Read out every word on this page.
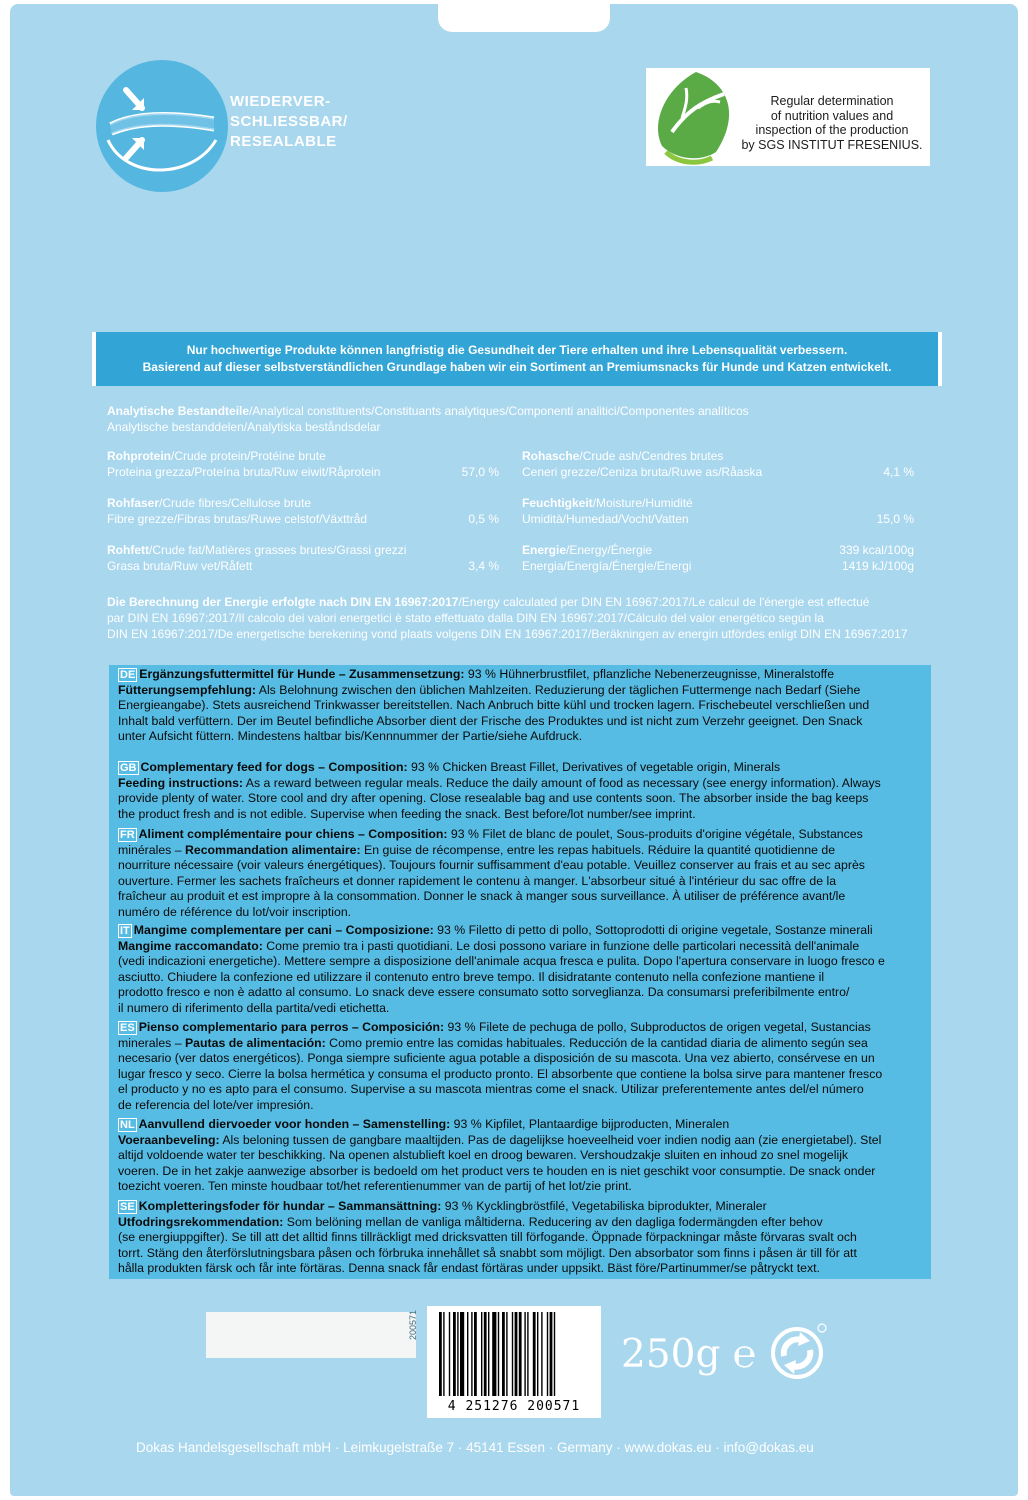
WIEDERVER-
SCHLIESSBAR/
RESEALABLE
Regular determination
of nutrition values and
inspection of the production
by SGS INSTITUT FRESENIUS.
Nur hochwertige Produkte können langfristig die Gesundheit der Tiere erhalten und ihre Lebensqualität verbessern.
Basierend auf dieser selbstverständlichen Grundlage haben wir ein Sortiment an Premiumsnacks für Hunde und Katzen entwickelt.
Analytische Bestandteile/Analytical constituents/Constituants analytiques/Componenti analitici/Componentes analíticos
Analytische bestanddelen/Analytiska beståndsdelar
Rohprotein/Crude protein/Protéine brute
Proteina grezza/Proteína bruta/Ruw eiwit/Råprotein	57,0 %
Rohfaser/Crude fibres/Cellulose brute
Fibre grezze/Fibras brutas/Ruwe celstof/Växttråd	0,5 %
Rohfett/Crude fat/Matières grasses brutes/Grassi grezzi
Grasa bruta/Ruw vet/Råfett	3,4 %
Rohasche/Crude ash/Cendres brutes
Ceneri grezze/Ceniza bruta/Ruwe as/Råaska	4,1 %
Feuchtigkeit/Moisture/Humidité
Umidità/Humedad/Vocht/Vatten	15,0 %
Energie/Energy/Énergie	339 kcal/100g
Energia/Energía/Énergie/Energi	1419 kJ/100g
Die Berechnung der Energie erfolgte nach DIN EN 16967:2017/Energy calculated per DIN EN 16967:2017/Le calcul de l'énergie est effectué
par DIN EN 16967:2017/Il calcolo dei valori energetici è stato effettuato dalla DIN EN 16967:2017/Cálculo del valor energético según la
DIN EN 16967:2017/De energetische berekening vond plaats volgens DIN EN 16967:2017/Beräkningen av energin utfördes enligt DIN EN 16967:2017
DE Ergänzungsfuttermittel für Hunde – Zusammensetzung: 93 % Hühnerbrustfilet, pflanzliche Nebenerzeugnisse, Mineralstoffe
Fütterungsempfehlung: Als Belohnung zwischen den üblichen Mahlzeiten. Reduzierung der täglichen Futtermenge nach Bedarf (Siehe
Energieangabe). Stets ausreichend Trinkwasser bereitstellen. Nach Anbruch bitte kühl und trocken lagern. Frischebeutel verschließen und
Inhalt bald verfüttern. Der im Beutel befindliche Absorber dient der Frische des Produktes und ist nicht zum Verzehr geeignet. Den Snack
unter Aufsicht füttern. Mindestens haltbar bis/Kennnummer der Partie/siehe Aufdruck.
GB Complementary feed for dogs – Composition: 93 % Chicken Breast Fillet, Derivatives of vegetable origin, Minerals
Feeding instructions: As a reward between regular meals. Reduce the daily amount of food as necessary (see energy information). Always
provide plenty of water. Store cool and dry after opening. Close resealable bag and use contents soon. The absorber inside the bag keeps
the product fresh and is not edible. Supervise when feeding the snack. Best before/lot number/see imprint.
FR Aliment complémentaire pour chiens – Composition: 93 % Filet de blanc de poulet, Sous-produits d'origine végétale, Substances
minérales – Recommandation alimentaire: En guise de récompense, entre les repas habituels. Réduire la quantité quotidienne de
nourriture nécessaire (voir valeurs énergétiques). Toujours fournir suffisamment d'eau potable. Veuillez conserver au frais et au sec après
ouverture. Fermer les sachets fraîcheurs et donner rapidement le contenu à manger. L'absorbeur situé à l'intérieur du sac offre de la
fraîcheur au produit et est impropre à la consommation. Donner le snack à manger sous surveillance. À utiliser de préférence avant/le
numéro de référence du lot/voir inscription.
IT Mangime complementare per cani – Composizione: 93 % Filetto di petto di pollo, Sottoprodotti di origine vegetale, Sostanze minerali
Mangime raccomandato: Come premio tra i pasti quotidiani. Le dosi possono variare in funzione delle particolari necessità dell'animale
(vedi indicazioni energetiche). Mettere sempre a disposizione dell'animale acqua fresca e pulita. Dopo l'apertura conservare in luogo fresco e
asciutto. Chiudere la confezione ed utilizzare il contenuto entro breve tempo. Il disidratante contenuto nella confezione mantiene il
prodotto fresco e non è adatto al consumo. Lo snack deve essere consumato sotto sorveglianza. Da consumarsi preferibilmente entro/
il numero di riferimento della partita/vedi etichetta.
ES Pienso complementario para perros – Composición: 93 % Filete de pechuga de pollo, Subproductos de origen vegetal, Sustancias
minerales – Pautas de alimentación: Como premio entre las comidas habituales. Reducción de la cantidad diaria de alimento según sea
necesario (ver datos energéticos). Ponga siempre suficiente agua potable a disposición de su mascota. Una vez abierto, consérvese en un
lugar fresco y seco. Cierre la bolsa hermética y consuma el producto pronto. El absorbente que contiene la bolsa sirve para mantener fresco
el producto y no es apto para el consumo. Supervise a su mascota mientras come el snack. Utilizar preferentemente antes del/el número
de referencia del lote/ver impresión.
NL Aanvullend diervoeder voor honden – Samenstelling: 93 % Kipfilet, Plantaardige bijproducten, Mineralen
Voeraanbeveling: Als beloning tussen de gangbare maaltijden. Pas de dagelijkse hoeveelheid voer indien nodig aan (zie energietabel). Stel
altijd voldoende water ter beschikking. Na openen alstublieft koel en droog bewaren. Vershoudzakje sluiten en inhoud zo snel mogelijk
voeren. De in het zakje aanwezige absorber is bedoeld om het product vers te houden en is niet geschikt voor consumptie. De snack onder
toezicht voeren. Ten minste houdbaar tot/het referentienummer van de partij of het lot/zie print.
SE Kompletteringsfoder för hundar – Sammansättning: 93 % Kycklingbröstfilé, Vegetabiliska biprodukter, Mineraler
Utfodringsrekommendation: Som belöning mellan de vanliga måltiderna. Reducering av den dagliga fodermängden efter behov
(se energiuppgifter). Se till att det alltid finns tillräckligt med dricksvatten till förfogande. Öppnade förpackningar måste förvaras svalt och
torrt. Stäng den återförslutningsbara påsen och förbruka innehållet så snabbt som möjligt. Den absorbator som finns i påsen är till för att
hålla produkten färsk och får inte förtäras. Denna snack får endast förtäras under uppsikt. Bäst före/Partinummer/se påtryckt text.
200571
4 251276 200571
250g ℮
Dokas Handelsgesellschaft mbH · Leimkugelstraße 7 · 45141 Essen · Germany · www.dokas.eu · info@dokas.eu
